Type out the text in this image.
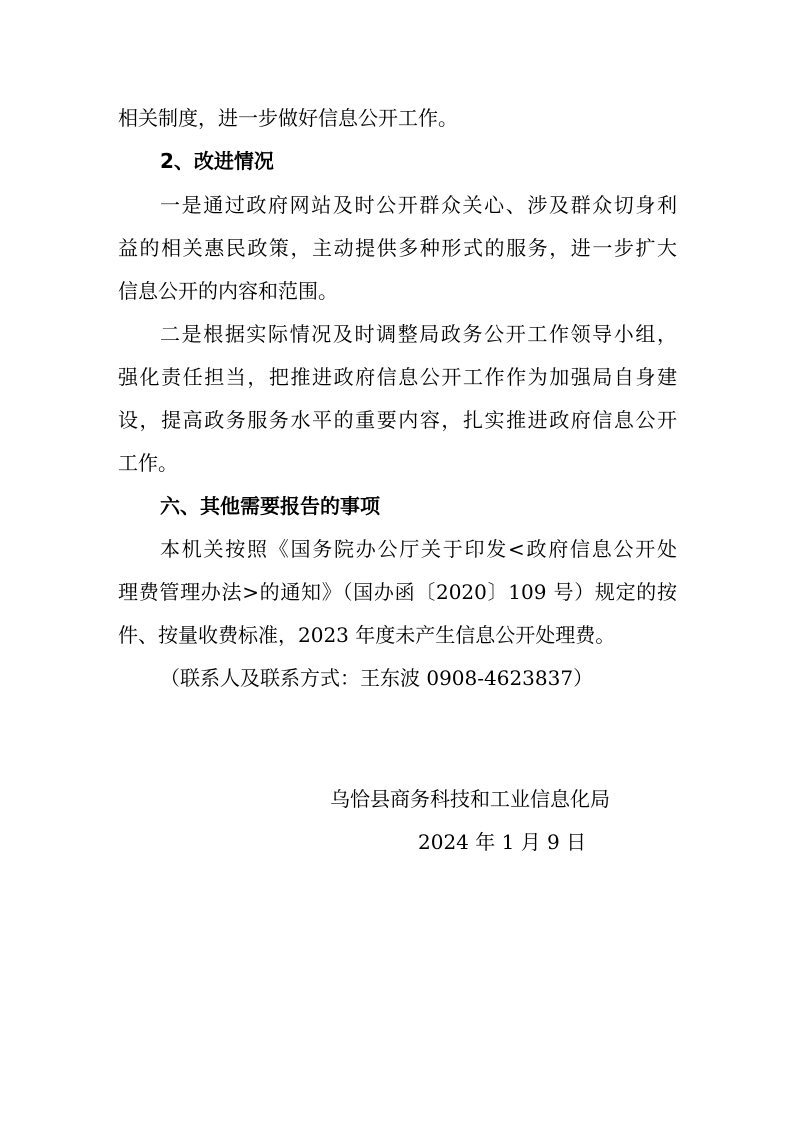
相关制度，进一步做好信息公开工作。

2、改进情况

一是通过政府网站及时公开群众关心、涉及群众切身利

益的相关惠民政策，主动提供多种形式的服务，进一步扩大

信息公开的内容和范围。

二是根据实际情况及时调整局政务公开工作领导小组，

强化责任担当，把推进政府信息公开工作作为加强局自身建

设，提高政务服务水平的重要内容，扎实推进政府信息公开

工作。

六、其他需要报告的事项

本机关按照《国务院办公厅关于印发<政府信息公开处

理费管理办法>的通知》（国办函〔2020〕109 号）规定的按

件、按量收费标准，2023 年度未产生信息公开处理费。

（联系人及联系方式：王东波 0908-4623837）

乌恰县商务科技和工业信息化局

2024 年 1 月 9 日
